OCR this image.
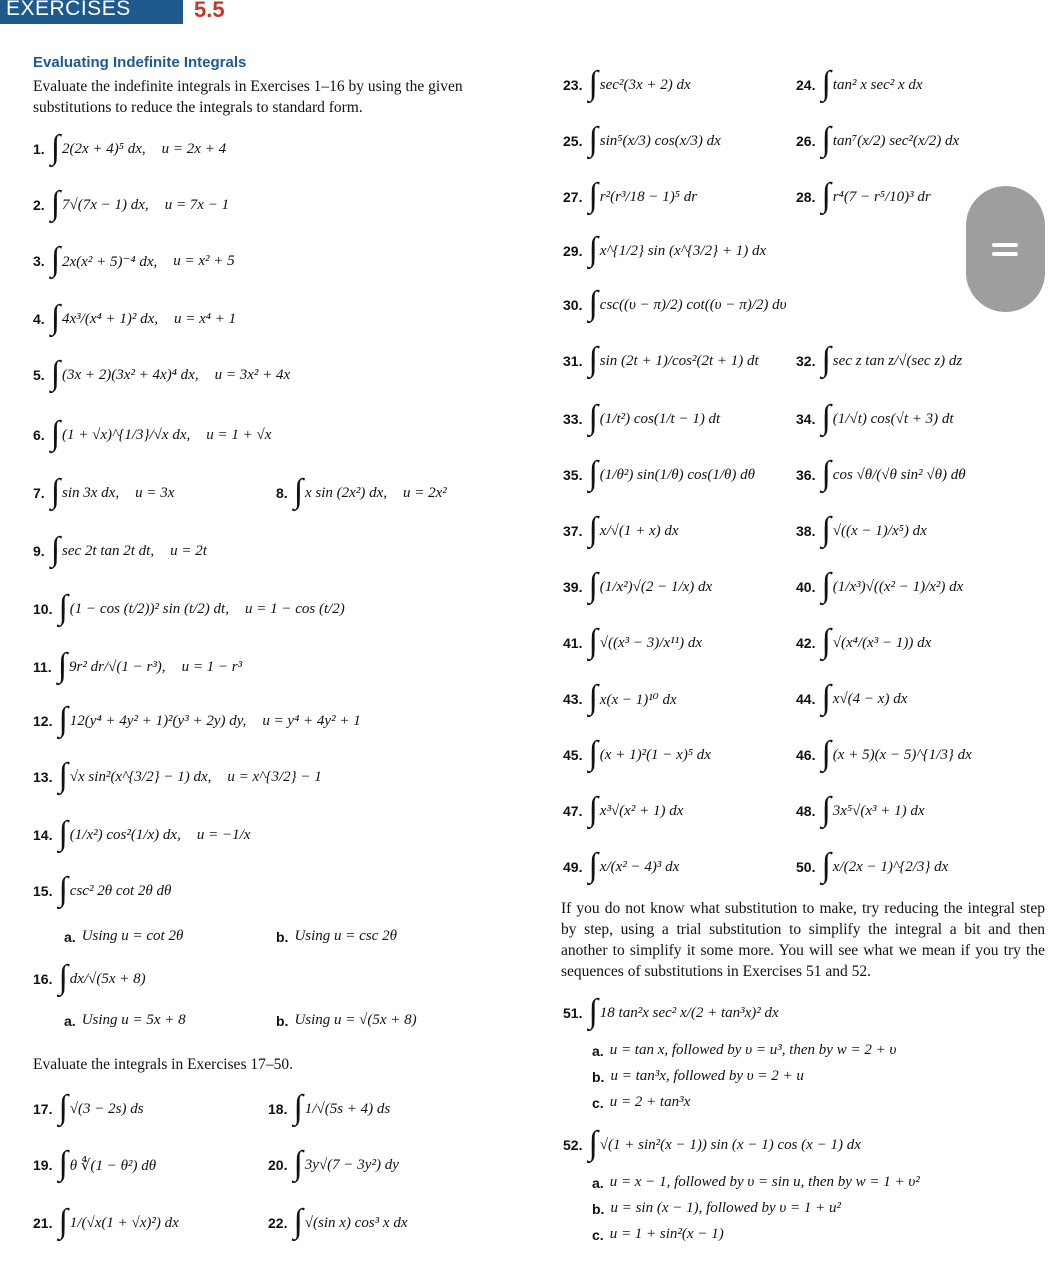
EXERCISES	5.5
Evaluating Indefinite Integrals
Evaluate the indefinite integrals in Exercises 1–16 by using the given substitutions to reduce the integrals to standard form.
1. ∫ 2(2x + 4)⁵ dx, u = 2x + 4
2. ∫ 7√(7x − 1) dx, u = 7x − 1
3. ∫ 2x(x² + 5)⁻⁴ dx, u = x² + 5
4. ∫ 4x³/(x⁴ + 1)² dx, u = x⁴ + 1
5. ∫ (3x + 2)(3x² + 4x)⁴ dx, u = 3x² + 4x
6. ∫ (1 + √x)^{1/3}/√x dx, u = 1 + √x
7. ∫ sin 3x dx, u = 3x	8. ∫ x sin (2x²) dx, u = 2x²
9. ∫ sec 2t tan 2t dt, u = 2t
10. ∫ (1 − cos (t/2))² sin (t/2) dt, u = 1 − cos (t/2)
11. ∫ 9r² dr/√(1 − r³), u = 1 − r³
12. ∫ 12(y⁴ + 4y² + 1)²(y³ + 2y) dy, u = y⁴ + 4y² + 1
13. ∫ √x sin²(x^{3/2} − 1) dx, u = x^{3/2} − 1
14. ∫ (1/x²) cos²(1/x) dx, u = −1/x
15. ∫ csc² 2θ cot 2θ dθ
a. Using u = cot 2θ	b. Using u = csc 2θ
16. ∫ dx/√(5x + 8)
a. Using u = 5x + 8	b. Using u = √(5x + 8)
Evaluate the integrals in Exercises 17–50.
17. ∫ √(3 − 2s) ds	18. ∫ 1/√(5s + 4) ds
19. ∫ θ ∜(1 − θ²) dθ	20. ∫ 3y√(7 − 3y²) dy
21. ∫ 1/(√x(1 + √x)²) dx	22. ∫ √(sin x) cos³ x dx
23. ∫ sec²(3x + 2) dx	24. ∫ tan² x sec² x dx
25. ∫ sin⁵(x/3) cos(x/3) dx	26. ∫ tan⁷(x/2) sec²(x/2) dx
27. ∫ r²(r³/18 − 1)⁵ dr	28. ∫ r⁴(7 − r⁵/10)³ dr
29. ∫ x^{1/2} sin (x^{3/2} + 1) dx
30. ∫ csc((υ − π)/2) cot((υ − π)/2) dυ
31. ∫ sin (2t + 1)/cos²(2t + 1) dt	32. ∫ sec z tan z/√(sec z) dz
33. ∫ (1/t²) cos(1/t − 1) dt	34. ∫ (1/√t) cos(√t + 3) dt
35. ∫ (1/θ²) sin(1/θ) cos(1/θ) dθ	36. ∫ cos √θ/(√θ sin² √θ) dθ
37. ∫ x/√(1 + x) dx	38. ∫ √((x − 1)/x⁵) dx
39. ∫ (1/x²)√(2 − 1/x) dx	40. ∫ (1/x³)√((x² − 1)/x²) dx
41. ∫ √((x³ − 3)/x¹¹) dx	42. ∫ √(x⁴/(x³ − 1)) dx
43. ∫ x(x − 1)¹⁰ dx	44. ∫ x√(4 − x) dx
45. ∫ (x + 1)²(1 − x)⁵ dx	46. ∫ (x + 5)(x − 5)^{1/3} dx
47. ∫ x³√(x² + 1) dx	48. ∫ 3x⁵√(x³ + 1) dx
49. ∫ x/(x² − 4)³ dx	50. ∫ x/(2x − 1)^{2/3} dx
If you do not know what substitution to make, try reducing the integral step by step, using a trial substitution to simplify the integral a bit and then another to simplify it some more. You will see what we mean if you try the sequences of substitutions in Exercises 51 and 52.
51. ∫ 18 tan²x sec² x/(2 + tan³x)² dx
a. u = tan x, followed by υ = u³, then by w = 2 + υ
b. u = tan³x, followed by υ = 2 + u
c. u = 2 + tan³x
52. ∫ √(1 + sin²(x − 1)) sin (x − 1) cos (x − 1) dx
a. u = x − 1, followed by υ = sin u, then by w = 1 + υ²
b. u = sin (x − 1), followed by υ = 1 + u²
c. u = 1 + sin²(x − 1)
